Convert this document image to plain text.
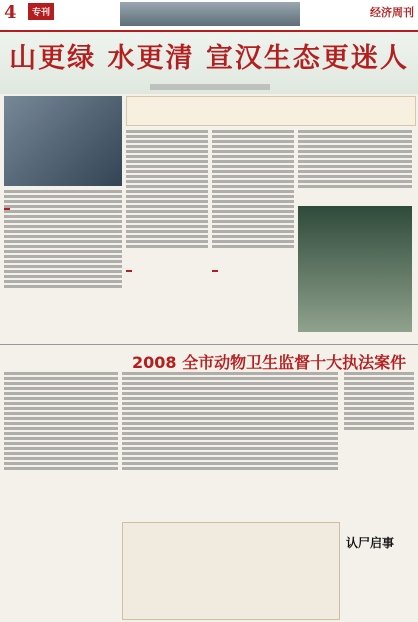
4	专刊	经济周刊
山更绿 水更清 宣汉生态更迷人
2008 全市动物卫生监督十大执法案件
认尸启事
